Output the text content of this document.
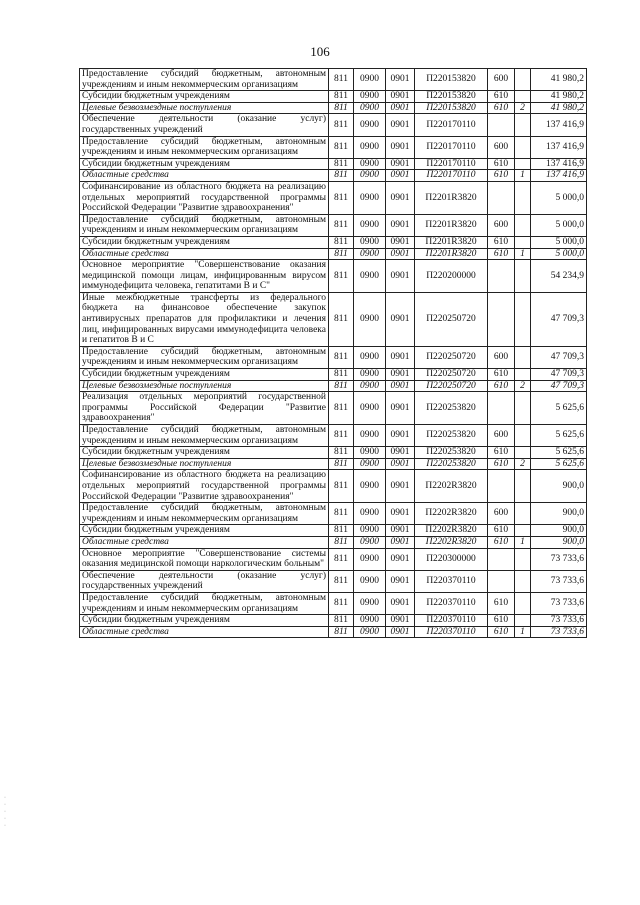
106
Предоставление субсидий бюджетным, автономным учреждениям и иным некоммерческим организациям	811	0900	0901	П220153820	600		41 980,2
Субсидии бюджетным учреждениям	811	0900	0901	П220153820	610		41 980,2
Целевые безвозмездные поступления	811	0900	0901	П220153820	610	2	41 980,2
Обеспечение деятельности (оказание услуг) государственных учреждений	811	0900	0901	П220170110			137 416,9
Предоставление субсидий бюджетным, автономным учреждениям и иным некоммерческим организациям	811	0900	0901	П220170110	600		137 416,9
Субсидии бюджетным учреждениям	811	0900	0901	П220170110	610		137 416,9
Областные средства	811	0900	0901	П220170110	610	1	137 416,9
Софинансирование из областного бюджета на реализацию отдельных мероприятий государственной программы Российской Федерации "Развитие здравоохранения"	811	0900	0901	П2201R3820			5 000,0
Предоставление субсидий бюджетным, автономным учреждениям и иным некоммерческим организациям	811	0900	0901	П2201R3820	600		5 000,0
Субсидии бюджетным учреждениям	811	0900	0901	П2201R3820	610		5 000,0
Областные средства	811	0900	0901	П2201R3820	610	1	5 000,0
Основное мероприятие "Совершенствование оказания медицинской помощи лицам, инфицированным вирусом иммунодефицита человека, гепатитами B и C"	811	0900	0901	П220200000			54 234,9
Иные межбюджетные трансферты из федерального бюджета на финансовое обеспечение закупок антивирусных препаратов для профилактики и лечения лиц, инфицированных вирусами иммунодефицита человека и гепатитов B и C	811	0900	0901	П220250720			47 709,3
Предоставление субсидий бюджетным, автономным учреждениям и иным некоммерческим организациям	811	0900	0901	П220250720	600		47 709,3
Субсидии бюджетным учреждениям	811	0900	0901	П220250720	610		47 709,3
Целевые безвозмездные поступления	811	0900	0901	П220250720	610	2	47 709,3
Реализация отдельных мероприятий государственной программы Российской Федерации "Развитие здравоохранения"	811	0900	0901	П220253820			5 625,6
Предоставление субсидий бюджетным, автономным учреждениям и иным некоммерческим организациям	811	0900	0901	П220253820	600		5 625,6
Субсидии бюджетным учреждениям	811	0900	0901	П220253820	610		5 625,6
Целевые безвозмездные поступления	811	0900	0901	П220253820	610	2	5 625,6
Софинансирование из областного бюджета на реализацию отдельных мероприятий государственной программы Российской Федерации "Развитие здравоохранения"	811	0900	0901	П2202R3820			900,0
Предоставление субсидий бюджетным, автономным учреждениям и иным некоммерческим организациям	811	0900	0901	П2202R3820	600		900,0
Субсидии бюджетным учреждениям	811	0900	0901	П2202R3820	610		900,0
Областные средства	811	0900	0901	П2202R3820	610	1	900,0
Основное мероприятие "Совершенствование системы оказания медицинской помощи наркологическим больным"	811	0900	0901	П220300000			73 733,6
Обеспечение деятельности (оказание услуг) государственных учреждений	811	0900	0901	П220370110			73 733,6
Предоставление субсидий бюджетным, автономным учреждениям и иным некоммерческим организациям	811	0900	0901	П220370110	610		73 733,6
Субсидии бюджетным учреждениям	811	0900	0901	П220370110	610		73 733,6
Областные средства	811	0900	0901	П220370110	610	1	73 733,6
·
·
·
·
·
